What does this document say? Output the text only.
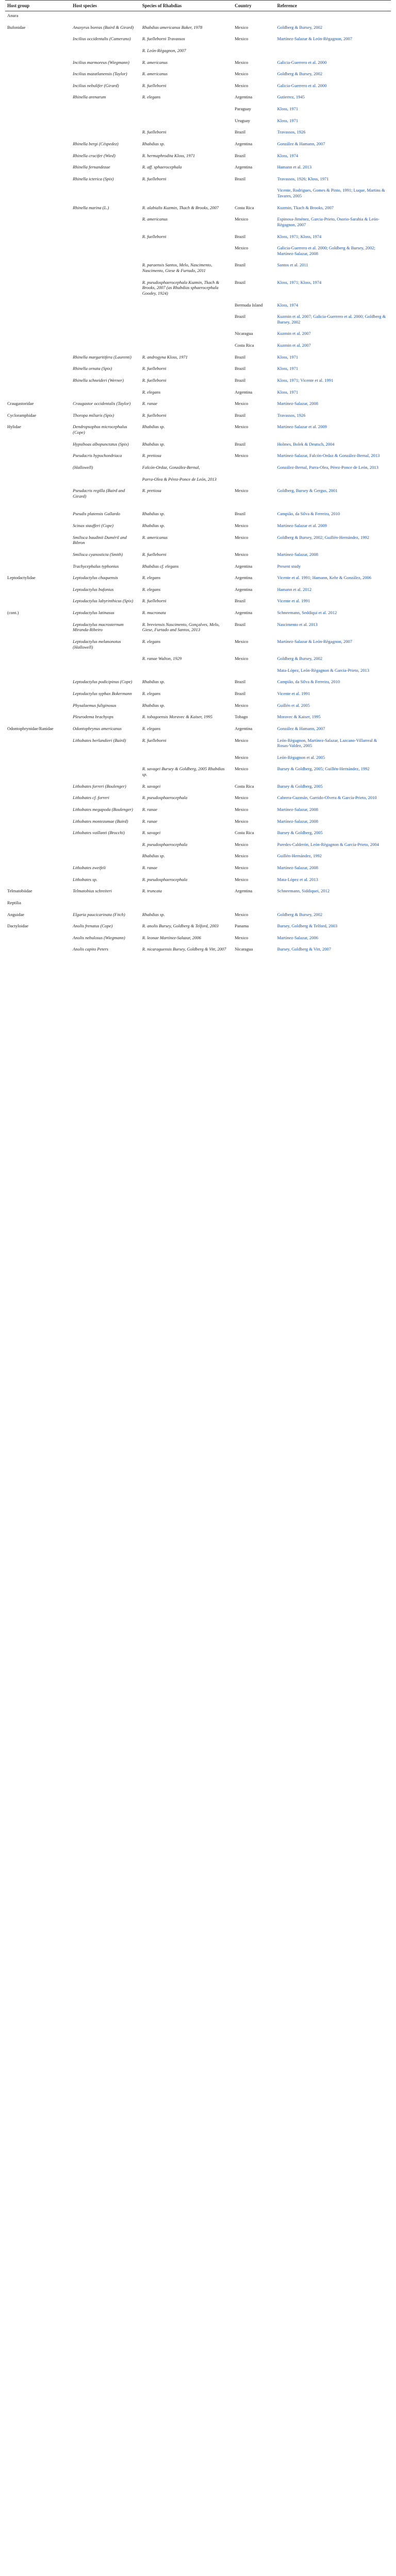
Host group	Host species	Species of Rhabdias	Country	Reference
Anura				
Bufonidae	Anaxyrus boreas (Baird & Girard)	Rhabdias americanus Baker, 1978	Mexico	Goldberg & Bursey, 2002
	Incilius occidentalis (Camerano)	R. fuelleborni Travassos	Mexico	Martínez-Salazar & León-Règagnon, 2007
		R. León-Règagnon, 2007		
	Incilius marmoreus (Wiegmann)	R. americanus	Mexico	Galicia-Guerrero et al. 2000
	Incilius mazatlanensis (Taylor)	R. americanus	Mexico	Goldberg & Bursey, 2002
	Incilius nebulifer (Girard)	R. fuelleborni	Mexico	Galicia-Guerrero et al. 2000
	Rhinella arenarum	R. elegans	Argentina	Gutierrez, 1945
			Paraguay	Kloss, 1971
			Uruguay	Kloss, 1971
		R. fuelleborni	Brazil	Travassos, 1926
	Rhinella bergi (Céspedez)	Rhabdias sp.	Argentina	González & Hamann, 2007
	Rhinella crucifer (Wied)	R. hermaphrodita Kloss, 1971	Brazil	Kloss, 1974
	Rhinella fernandezae	R. aff. sphaerocephala	Argentina	Hamann et al. 2013
	Rhinella icterica (Spix)	R. fuelleborni	Brazil	Travassos, 1926; Kloss, 1971
				Vicente, Rodrigues, Gomes & Pinto, 1991; Luque, Martins & Tavares, 2005
	Rhinella marina (L.)	R. alabialis Kuzmin, Tkach & Brooks, 2007	Costa Rica	Kuzmin, Tkach & Brooks, 2007
		R. americanus	Mexico	Espinosa-Jiménez, Garcia-Prieto, Osorio-Sarabia & León-Règagnon, 2007
		R. fuelleborni	Brazil	Kloss, 1971; Kloss, 1974
			Mexico	Galicia-Guerrero et al. 2000; Goldberg & Bursey, 2002; Martínez-Salazar, 2008
		R. paraensis Santos, Melo, Nascimento, Nascimento, Giese & Furtado, 2011	Brazil	Santos et al. 2011
		R. pseudosphaerocephala Kuzmin, Tkach & Brooks, 2007 (as Rhabdias sphaerocephala Goodey, 1924)	Brazil	Kloss, 1971; Kloss, 1974
			Bermuda Island	Kloss, 1974
			Brazil	Kuzmin et al. 2007; Galicia-Guerrero et al. 2000; Goldberg & Bursey, 2002
			Nicaragua	Kuzmin et al. 2007
			Costa Rica	Kuzmin et al. 2007
	Rhinella margaritifera (Laurenti)	R. androgyna Kloss, 1971	Brazil	Kloss, 1971
	Rhinella ornata (Spix)	R. fuelleborni	Brazil	Kloss, 1971
	Rhinella schneideri (Werner)	R. fuelleborni	Brazil	Kloss, 1971; Vicente et al. 1991
		R. elegans	Argentina	Kloss, 1971
Craugastoridae	Craugastor occidentalis (Taylor)	R. ranae	Mexico	Martínez-Salazar, 2008
Cycloramphidae	Thoropa miliaris (Spix)	R. fuelleborni	Brazil	Travassos, 1926
Hylidae	Dendropsophus microcephalus (Cope)	Rhabdias sp.	Mexico	Martínez-Salazar et al. 2009
	Hypsiboas albopunctatus (Spix)	Rhabdias sp.	Brazil	Holmes, Bolek & Deutsch, 2004
	Pseudacris hypochondriaca	R. pretiosa	Mexico	Martínez-Salazar, Falcón-Ordaz & González-Bernal, 2013
	(Hallowell)	Falcón-Ordaz, González-Bernal,		González-Bernal, Parra-Olea, Pérez-Ponce de León, 2013
		Parra-Olea & Pérez-Ponce de León, 2013		
	Pseudacris regilla (Baird and Girard)	R. pretiosa	Mexico	Goldberg, Bursey & Gergus, 2001

	Pseudis platensis Gallardo	Rhabdias sp.	Brazil	Campião, da Silva & Ferreira, 2010
	Scinax staufferi (Cope)	Rhabdias sp.	Mexico	Martínez-Salazar et al. 2009
	Smilisca baudinii Duméril and Bibron	R. americanus	Mexico	Goldberg & Bursey, 2002; Guillén-Hernández, 1992
	Smilisca cyanosticta (Smith)	R. fuelleborni	Mexico	Martínez-Salazar, 2008
	Trachycephalus typhonius	Rhabdias cf. elegans	Argentina	Present study
Leptodactylidae	Leptodactylus chaquensis	R. elegans	Argentina	Vicente et al. 1991; Hamann, Kehr & González, 2006
	Leptodactylus bufonius	R. elegans	Argentina	Hamann et al. 2012
	Leptodactylus labyrinthicus (Spix)	R. fuelleborni	Brazil	Vicente et al. 1991
(cont.)	Leptodactylus latinasus	R. mucronata	Argentina	Schneemann, Seddiqui et al. 2012
	Leptodactylus macrosternum Miranda-Ribeiro	R. breviensis Nascimento, Gonçalves, Melo, Giese, Furtado and Santos, 2013	Brazil	Nascimento et al. 2013
	Leptodactylus melanonotus (Hallowell)	R. elegans	Mexico	Martínez-Salazar & León-Règagnon, 2007
		R. ranae Walton, 1929	Mexico	Goldberg & Bursey, 2002
				Mata-López, León-Règagnon & Garcia-Prieto, 2013
	Leptodactylus podicipinus (Cope)	Rhabdias sp.	Brazil	Campião, da Silva & Ferreira, 2010
	Leptodactylus syphax Bokermann	R. elegans	Brazil	Vicente et al. 1991
	Physalaemus fuliginosus	Rhabdias sp.	Mexico	Guillén et al. 2005
	Pleurodema brachyops	R. tobagoensis Moravec & Kaiser, 1995	Tobago	Moravec & Kaiser, 1995
Odontophrynidae/Ranidae	Odontophrynus americanus	R. elegans	Argentina	González & Hamann, 2007
	Lithobates berlandieri (Baird)	R. fuelleborni	Mexico	León-Règagnon, Martínez-Salazar, Lazcano-Villarreal & Rosas-Valdez, 2005
			Mexico	León-Règagnon et al. 2005
		R. savagei Bursey & Goldberg, 2005 Rhabdias sp.	Mexico	Bursey & Goldberg, 2005; Guillén-Hernández, 1992
	Lithobates forreri (Boulenger)	R. savagei	Costa Rica	Bursey & Goldberg, 2005
	Lithobates cf. forreri	R. pseudosphaerocephala	Mexico	Cabrera-Guzmán, Garrido-Olvera & García-Prieto, 2010
	Lithobates megapoda (Boulenger)	R. ranae	Mexico	Martínez-Salazar, 2008
	Lithobates montezumae (Baird)	R. ranae	Mexico	Martínez-Salazar, 2008
	Lithobates vaillanti (Brocchi)	R. savagei	Costa Rica	Bursey & Goldberg, 2005
		R. pseudosphaerocephala	Mexico	Paredes-Calderón, León-Règagnon & García-Prieto, 2004
		Rhabdias sp.	Mexico	Guillén-Hernández, 1992
	Lithobates zweifeli	R. ranae	Mexico	Martínez-Salazar, 2008
	Lithobates sp.	R. pseudosphaerocephala	Mexico	Mata-López et al. 2013
Telmatobiidae	Telmatobius schreiteri	R. truncata	Argentina	Schneemann, Siddiquei, 2012
Reptilia				
Anguidae	Elgaria paucicarinata (Fitch)	Rhabdias sp.	Mexico	Goldberg & Bursey, 2002
Dactyloidae	Anolis frenatus (Cope)	R. anolis Bursey, Goldberg & Telford, 2003	Panama	Bursey, Goldberg & Telford, 2003
	Anolis nebulosus (Wiegmann)	R. leonae Martínez-Salazar, 2006	Mexico	Martínez-Salazar, 2006
	Anolis capito Peters	R. nicaraguensis Bursey, Goldberg & Vitt, 2007	Nicaragua	Bursey, Goldberg & Vitt, 2007
